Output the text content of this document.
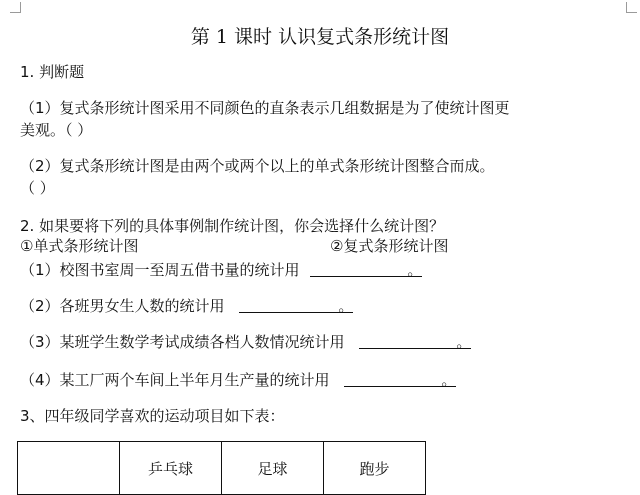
第 1 课时 认识复式条形统计图
1. 判断题
（1）复式条形统计图采用不同颜色的直条表示几组数据是为了使统计图更
美观。（ ）
（2）复式条形统计图是由两个或两个以上的单式条形统计图整合而成。
（ ）
2. 如果要将下列的具体事例制作统计图，你会选择什么统计图？
①单式条形统计图	②复式条形统计图
（1）校图书室周一至周五借书量的统计用	。
（2）各班男女生人数的统计用	。
（3）某班学生数学考试成绩各档人数情况统计用	。
（4）某工厂两个车间上半年月生产量的统计用	。
3、四年级同学喜欢的运动项目如下表：
	乒乓球	足球	跑步
